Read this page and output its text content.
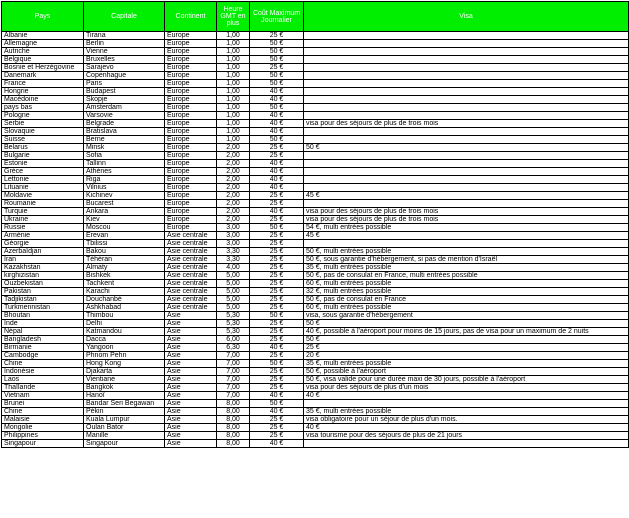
Pays	Capitale	Continent	Heure GMT en plus	Coût Maximum Journalier	Visa
Albanie	Tirana	Europe	1,00	25 €	
Allemagne	Berlin	Europe	1,00	50 €	
Autriche	Vienne	Europe	1,00	50 €	
Belgique	Bruxelles	Europe	1,00	50 €	
Bosnie et Herzégovine	Sarajevo	Europe	1,00	25 €	
Danemark	Copenhague	Europe	1,00	50 €	
France	Paris	Europe	1,00	50 €	
Hongrie	Budapest	Europe	1,00	40 €	
Macédoine	Skopje	Europe	1,00	40 €	
pays bas	Amsterdam	Europe	1,00	50 €	
Pologne	Varsovie	Europe	1,00	40 €	
Serbie	Belgrade	Europe	1,00	40 €	visa pour des séjours de plus de trois mois
Slovaquie	Bratislava	Europe	1,00	40 €	
Suisse	Berne	Europe	1,00	50 €	
Belarus	Minsk	Europe	2,00	25 €	50 €
Bulgarie	Sofia	Europe	2,00	25 €	
Estonie	Tallinn	Europe	2,00	40 €	
Grèce	Athènes	Europe	2,00	40 €	
Lettonie	Riga	Europe	2,00	40 €	
Lituanie	Vilnius	Europe	2,00	40 €	
Moldavie	Kichinev	Europe	2,00	25 €	45 €
Roumanie	Bucarest	Europe	2,00	25 €	
Turquie	Ankara	Europe	2,00	40 €	visa pour des séjours de plus de trois mois
Ukraine	Kiev	Europe	2,00	25 €	visa pour des séjours de plus de trois mois
Russie	Moscou	Europe	3,00	50 €	54 €, multi entrées possible
Arménie	Erevan	Asie centrale	3,00	25 €	45 €
Géorgie	Tbilissi	Asie centrale	3,00	25 €	
Azerbaïdjan	Bakou	Asie centrale	3,30	25 €	50 €, multi entrées possible
Iran	Téhéran	Asie centrale	3,30	25 €	50 €, sous garantie d'hébergement, si pas de mention d'Israël
Kazakhstan	Almaty	Asie centrale	4,00	25 €	35 €, multi entrées possible
kirghizistan	Bishkek	Asie centrale	5,00	25 €	50 €, pas de consulat en France, multi entrées possible
Ouzbekistan	Tachkent	Asie centrale	5,00	25 €	60 €, multi entrées possible
Pakistan	Karachi	Asie centrale	5,00	25 €	32 €, multi entrées possible
Tadjikistan	Douchanbé	Asie centrale	5,00	25 €	50 €, pas de consulat en France
Turkmennistan	Ashkhabad	Asie centrale	5,00	25 €	60 €, multi entrées possible
Bhoutan	Thimbou	Asie	5,30	50 €	visa, sous garantie d'hébergement
Inde	Delhi	Asie	5,30	25 €	50 €
Népal	Katmandou	Asie	5,30	25 €	40 €, possible à l'aéroport pour moins de 15 jours, pas de visa pour un maximum de 2 nuits
Bangladesh	Dacca	Asie	6,00	25 €	50 €
Birmanie	Yangoon	Asie	6,30	40 €	25 €
Cambodge	Phnom Pehn	Asie	7,00	25 €	20 €
Chine	Hong Kong	Asie	7,00	50 €	35 €, multi entrées possible
Indonésie	Djakarta	Asie	7,00	25 €	50 €, possible à l'aéroport
Laos	Vientiane	Asie	7,00	25 €	50 €, visa valide pour une durée maxi de 30 jours, possible à l'aéroport
Thaïlande	Bangkok	Asie	7,00	25 €	visa pour des séjours de plus d'un mois
Vietnam	Hanoï	Asie	7,00	40 €	40 €
Brunei	Bandar Seri Begawan	Asie	8,00	50 €	
Chine	Pékin	Asie	8,00	40 €	35 €, multi entrées possible
Malaisie	Kuala Lumpur	Asie	8,00	25 €	visa obligatoire pour un séjour de plus d'un mois.
Mongolie	Oulan Bator	Asie	8,00	25 €	40 €
Philippines	Manille	Asie	8,00	25 €	visa tourisme pour des séjours de plus de 21 jours
Singapour	Singapour	Asie	8,00	40 €	
